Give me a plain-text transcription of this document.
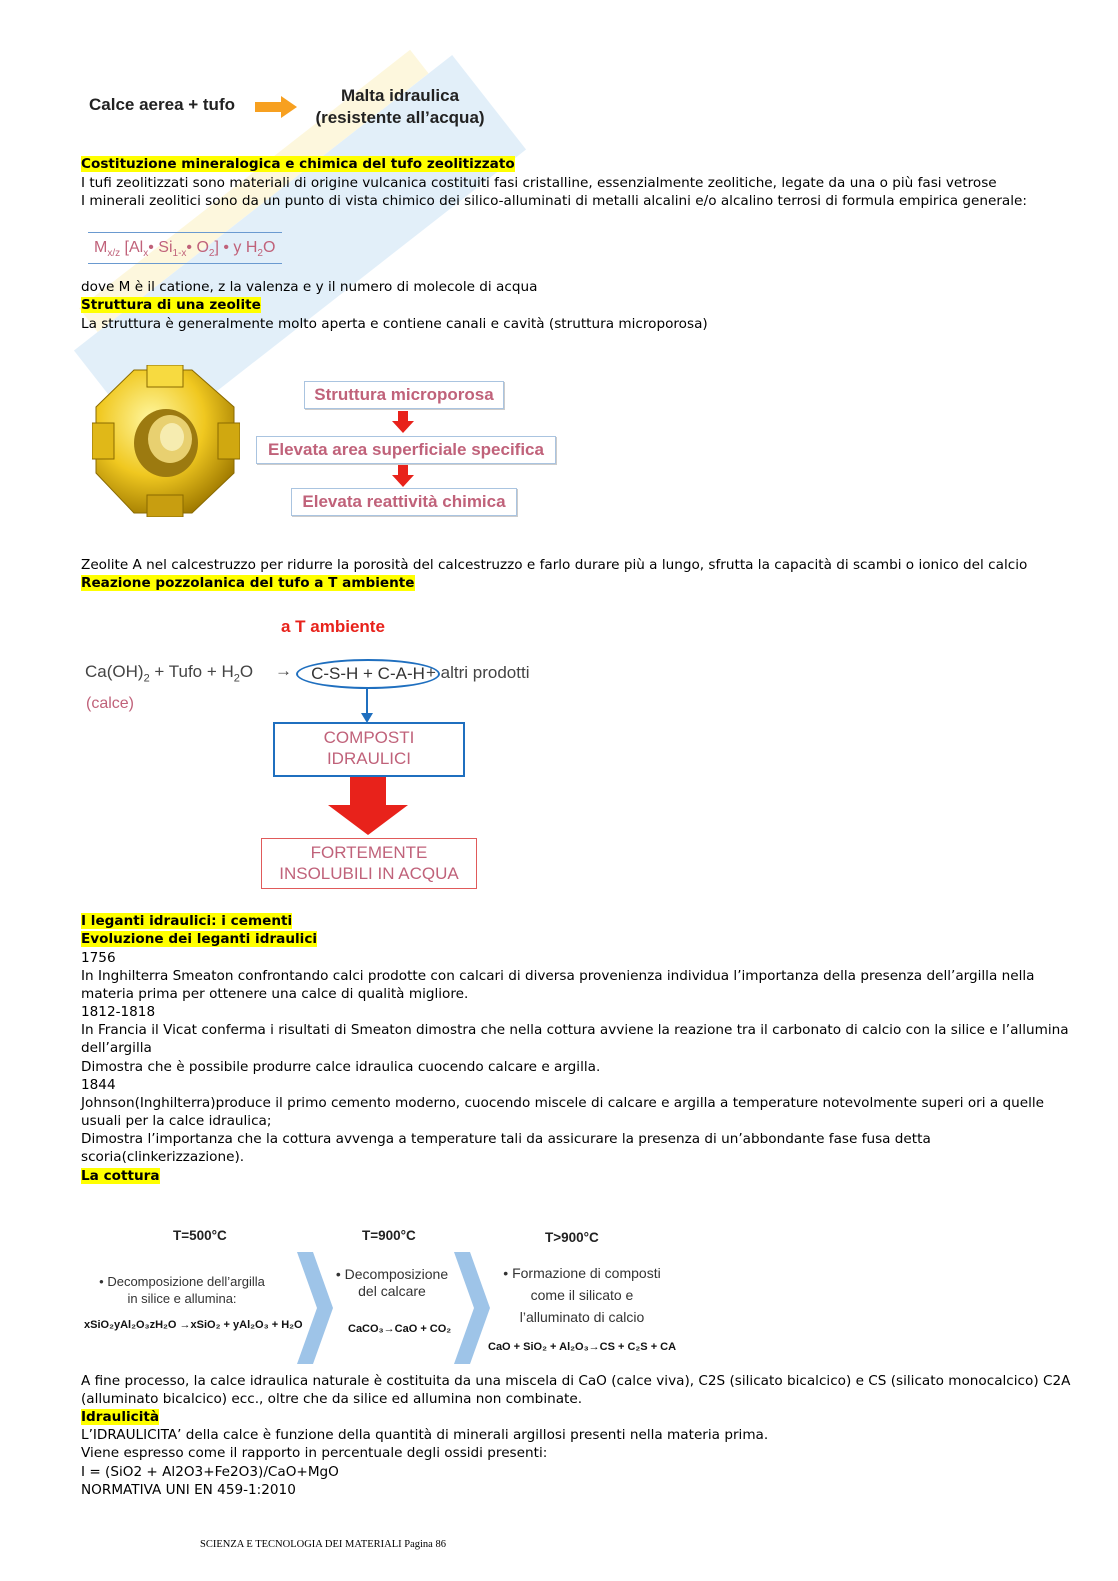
Calce aerea + tufo	Malta idraulica
(resistente all’acqua)
Costituzione mineralogica e chimica del tufo zeolitizzato
I tufi zeolitizzati sono materiali di origine vulcanica costituiti fasi cristalline, essenzialmente zeolitiche, legate da una o più fasi vetrose
I minerali zeolitici sono da un punto di vista chimico dei silico-alluminati di metalli alcalini e/o alcalino terrosi di formula empirica generale:
$M_{x/z}$ [$Al_x•$ $Si_{1-x}•$ $O_2$] • y $H_2O$
dove M è il catione, z la valenza e y il numero di molecole di acqua
Struttura di una zeolite
La struttura è generalmente molto aperta e contiene canali e cavità (struttura microporosa)
Struttura microporosa
Elevata area superficiale specifica
Elevata reattività chimica
Zeolite A nel calcestruzzo per ridurre la porosità del calcestruzzo e farlo durare più a lungo, sfrutta la capacità di scambi o ionico del calcio
Reazione pozzolanica del tufo a T ambiente
a T ambiente
$Ca(OH)_2$ + Tufo + $H_2O$
(calce)
→	C-S-H + C-A-H + altri prodotti
COMPOSTI
IDRAULICI
FORTEMENTE
INSOLUBILI IN ACQUA
I leganti idraulici: i cementi
Evoluzione dei leganti idraulici
1756
In Inghilterra Smeaton confrontando calci prodotte con calcari di diversa provenienza individua l’importanza della presenza dell’argilla nella materia prima per ottenere una calce di qualità migliore.
1812-1818
In Francia il Vicat conferma i risultati di Smeaton dimostra che nella cottura avviene la reazione tra il carbonato di calcio con la silice e l’allumina dell’argilla
Dimostra che è possibile produrre calce idraulica cuocendo calcare e argilla.
1844
Johnson(Inghilterra)produce il primo cemento moderno, cuocendo miscele di calcare e argilla a temperature notevolmente superi ori a quelle usuali per la calce idraulica;
Dimostra l’importanza che la cottura avvenga a temperature tali da assicurare la presenza di un’abbondante fase fusa detta scoria(clinkerizzazione).
La cottura
T=500°C	T=900°C	T>900°C
• Decomposizione dell’argilla
in silice e allumina:
xSiO₂yAl₂O₃zH₂O →xSiO₂ + yAl₂O₃ + H₂O
• Decomposizione
del calcare
CaCO₃→CaO + CO₂
• Formazione di composti
come il silicato e
l’alluminato di calcio
CaO + SiO₂ + Al₂O₃→CS + C₂S + CA
A fine processo, la calce idraulica naturale è costituita da una miscela di CaO (calce viva), C2S (silicato bicalcico) e CS (silicato monocalcico) C2A (alluminato bicalcico) ecc., oltre che da silice ed allumina non combinate.
Idraulicità
L’IDRAULICITA’ della calce è funzione della quantità di minerali argillosi presenti nella materia prima.
Viene espresso come il rapporto in percentuale degli ossidi presenti:
I = (SiO2 + Al2O3+Fe2O3)/CaO+MgO
NORMATIVA UNI EN 459-1:2010
SCIENZA E TECNOLOGIA DEI MATERIALI Pagina 86
